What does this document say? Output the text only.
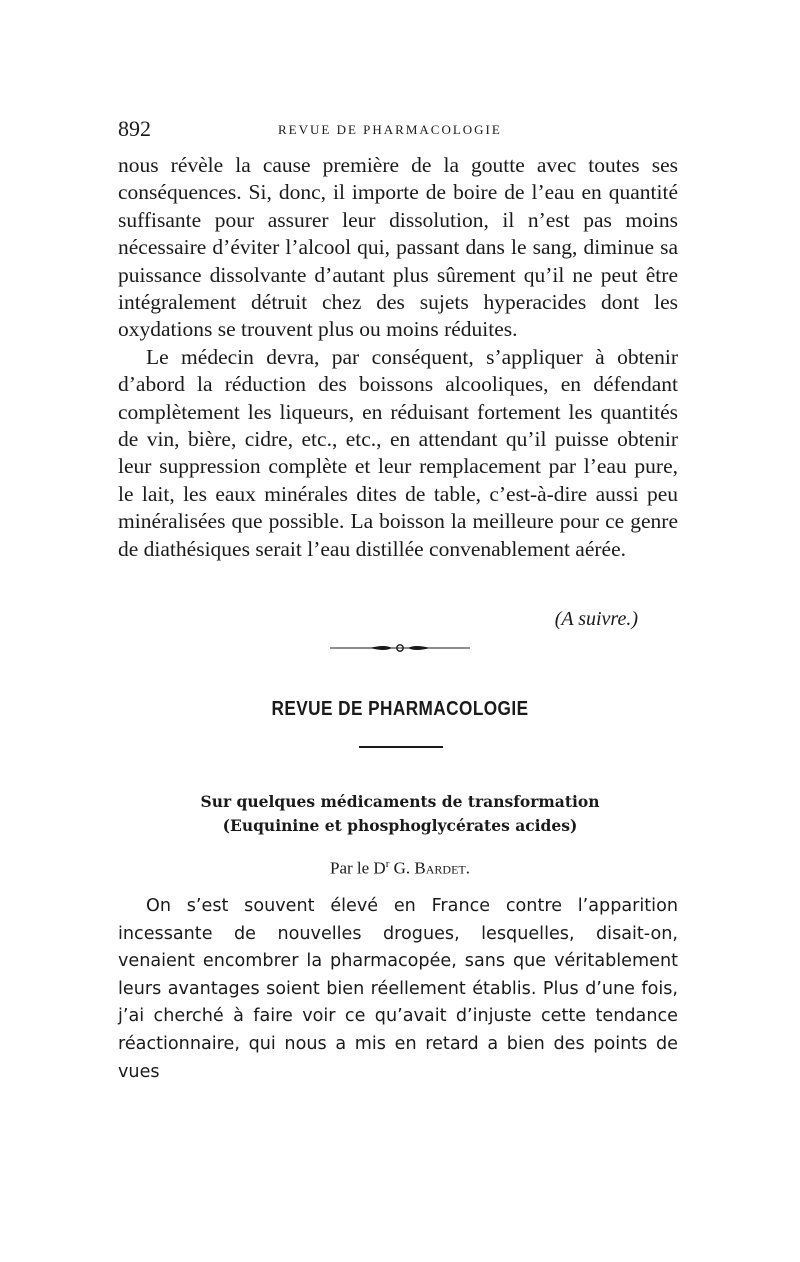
892	REVUE DE PHARMACOLOGIE

nous révèle la cause première de la goutte avec toutes ses conséquences. Si, donc, il importe de boire de l’eau en quantité suffisante pour assurer leur dissolution, il n’est pas moins nécessaire d’éviter l’alcool qui, passant dans le sang, diminue sa puissance dissolvante d’autant plus sûrement qu’il ne peut être intégralement détruit chez des sujets hyperacides dont les oxydations se trouvent plus ou moins réduites.

Le médecin devra, par conséquent, s’appliquer à obtenir d’abord la réduction des boissons alcooliques, en défendant complètement les liqueurs, en réduisant fortement les quantités de vin, bière, cidre, etc., etc., en attendant qu’il puisse obtenir leur suppression complète et leur remplacement par l’eau pure, le lait, les eaux minérales dites de table, c’est-à-dire aussi peu minéralisées que possible. La boisson la meilleure pour ce genre de diathésiques serait l’eau distillée convenablement aérée.

(A suivre.)
REVUE DE PHARMACOLOGIE
Sur quelques médicaments de transformation
(Euquinine et phosphoglycérates acides)
Par le $D^r$ G. Bardet.

On s’est souvent élevé en France contre l’apparition incessante de nouvelles drogues, lesquelles, disait-on, venaient encombrer la pharmacopée, sans que véritablement leurs avantages soient bien réellement établis. Plus d’une fois, j’ai cherché à faire voir ce qu’avait d’injuste cette tendance réactionnaire, qui nous a mis en retard a bien des points de vues
